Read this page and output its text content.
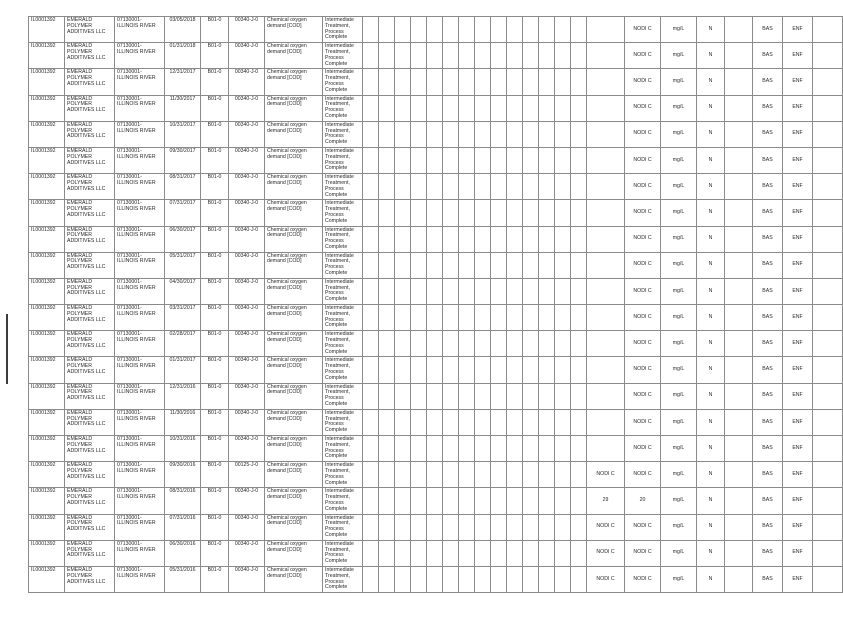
IL0001392	EMERALD POLYMER ADDITIVES LLC	07130001-ILLINOIS RIVER	03/05/2018	B01-0	00340-J-0	Chemical oxygen demand [COD]	Intermediate Treatment, Process Complete																NODI C	mg/L	N		BAS	ENF	
IL0001392	EMERALD POLYMER ADDITIVES LLC	07130001-ILLINOIS RIVER	01/31/2018	B01-0	00340-J-0	Chemical oxygen demand [COD]	Intermediate Treatment, Process Complete																NODI C	mg/L	N		BAS	ENF	
IL0001392	EMERALD POLYMER ADDITIVES LLC	07130001-ILLINOIS RIVER	12/31/2017	B01-0	00340-J-0	Chemical oxygen demand [COD]	Intermediate Treatment, Process Complete																NODI C	mg/L	N		BAS	ENF	
IL0001392	EMERALD POLYMER ADDITIVES LLC	07130001-ILLINOIS RIVER	11/30/2017	B01-0	00340-J-0	Chemical oxygen demand [COD]	Intermediate Treatment, Process Complete																NODI C	mg/L	N		BAS	ENF	
IL0001392	EMERALD POLYMER ADDITIVES LLC	07130001-ILLINOIS RIVER	10/31/2017	B01-0	00340-J-0	Chemical oxygen demand [COD]	Intermediate Treatment, Process Complete																NODI C	mg/L	N		BAS	ENF	
IL0001392	EMERALD POLYMER ADDITIVES LLC	07130001-ILLINOIS RIVER	09/30/2017	B01-0	00340-J-0	Chemical oxygen demand [COD]	Intermediate Treatment, Process Complete																NODI C	mg/L	N		BAS	ENF	
IL0001392	EMERALD POLYMER ADDITIVES LLC	07130001-ILLINOIS RIVER	08/31/2017	B01-0	00340-J-0	Chemical oxygen demand [COD]	Intermediate Treatment, Process Complete																NODI C	mg/L	N		BAS	ENF	
IL0001392	EMERALD POLYMER ADDITIVES LLC	07130001-ILLINOIS RIVER	07/31/2017	B01-0	00340-J-0	Chemical oxygen demand [COD]	Intermediate Treatment, Process Complete																NODI C	mg/L	N		BAS	ENF	
IL0001392	EMERALD POLYMER ADDITIVES LLC	07130001-ILLINOIS RIVER	06/30/2017	B01-0	00340-J-0	Chemical oxygen demand [COD]	Intermediate Treatment, Process Complete																NODI C	mg/L	N		BAS	ENF	
IL0001392	EMERALD POLYMER ADDITIVES LLC	07130001-ILLINOIS RIVER	05/31/2017	B01-0	00340-J-0	Chemical oxygen demand [COD]	Intermediate Treatment, Process Complete																NODI C	mg/L	N		BAS	ENF	
IL0001392	EMERALD POLYMER ADDITIVES LLC	07130001-ILLINOIS RIVER	04/30/2017	B01-0	00340-J-0	Chemical oxygen demand [COD]	Intermediate Treatment, Process Complete																NODI C	mg/L	N		BAS	ENF	
IL0001392	EMERALD POLYMER ADDITIVES LLC	07130001-ILLINOIS RIVER	03/31/2017	B01-0	00340-J-0	Chemical oxygen demand [COD]	Intermediate Treatment, Process Complete																NODI C	mg/L	N		BAS	ENF	
IL0001392	EMERALD POLYMER ADDITIVES LLC	07130001-ILLINOIS RIVER	02/28/2017	B01-0	00340-J-0	Chemical oxygen demand [COD]	Intermediate Treatment, Process Complete																NODI C	mg/L	N		BAS	ENF	
IL0001392	EMERALD POLYMER ADDITIVES LLC	07130001-ILLINOIS RIVER	01/31/2017	B01-0	00340-J-0	Chemical oxygen demand [COD]	Intermediate Treatment, Process Complete																NODI C	mg/L	N		BAS	ENF	
IL0001392	EMERALD POLYMER ADDITIVES LLC	07130001-ILLINOIS RIVER	12/31/2016	B01-0	00340-J-0	Chemical oxygen demand [COD]	Intermediate Treatment, Process Complete																NODI C	mg/L	N		BAS	ENF	
IL0001392	EMERALD POLYMER ADDITIVES LLC	07130001-ILLINOIS RIVER	11/30/2016	B01-0	00340-J-0	Chemical oxygen demand [COD]	Intermediate Treatment, Process Complete																NODI C	mg/L	N		BAS	ENF	
IL0001392	EMERALD POLYMER ADDITIVES LLC	07130001-ILLINOIS RIVER	10/31/2016	B01-0	00340-J-0	Chemical oxygen demand [COD]	Intermediate Treatment, Process Complete																NODI C	mg/L	N		BAS	ENF	
IL0001392	EMERALD POLYMER ADDITIVES LLC	07130001-ILLINOIS RIVER	09/30/2016	B01-0	00125-J-0	Chemical oxygen demand [COD]	Intermediate Treatment, Process Complete															NODI C	NODI C	mg/L	N		BAS	ENF	
IL0001392	EMERALD POLYMER ADDITIVES LLC	07130001-ILLINOIS RIVER	08/31/2016	B01-0	00340-J-0	Chemical oxygen demand [COD]	Intermediate Treatment, Process Complete															29	20	mg/L	N		BAS	ENF	
IL0001392	EMERALD POLYMER ADDITIVES LLC	07130001-ILLINOIS RIVER	07/31/2016	B01-0	00340-J-0	Chemical oxygen demand [COD]	Intermediate Treatment, Process Complete															NODI C	NODI C	mg/L	N		BAS	ENF	
IL0001392	EMERALD POLYMER ADDITIVES LLC	07130001-ILLINOIS RIVER	06/30/2016	B01-0	00340-J-0	Chemical oxygen demand [COD]	Intermediate Treatment, Process Complete															NODI C	NODI C	mg/L	N		BAS	ENF	
IL0001392	EMERALD POLYMER ADDITIVES LLC	07130001-ILLINOIS RIVER	05/31/2016	B01-0	00340-J-0	Chemical oxygen demand [COD]	Intermediate Treatment, Process Complete															NODI C	NODI C	mg/L	N		BAS	ENF	
